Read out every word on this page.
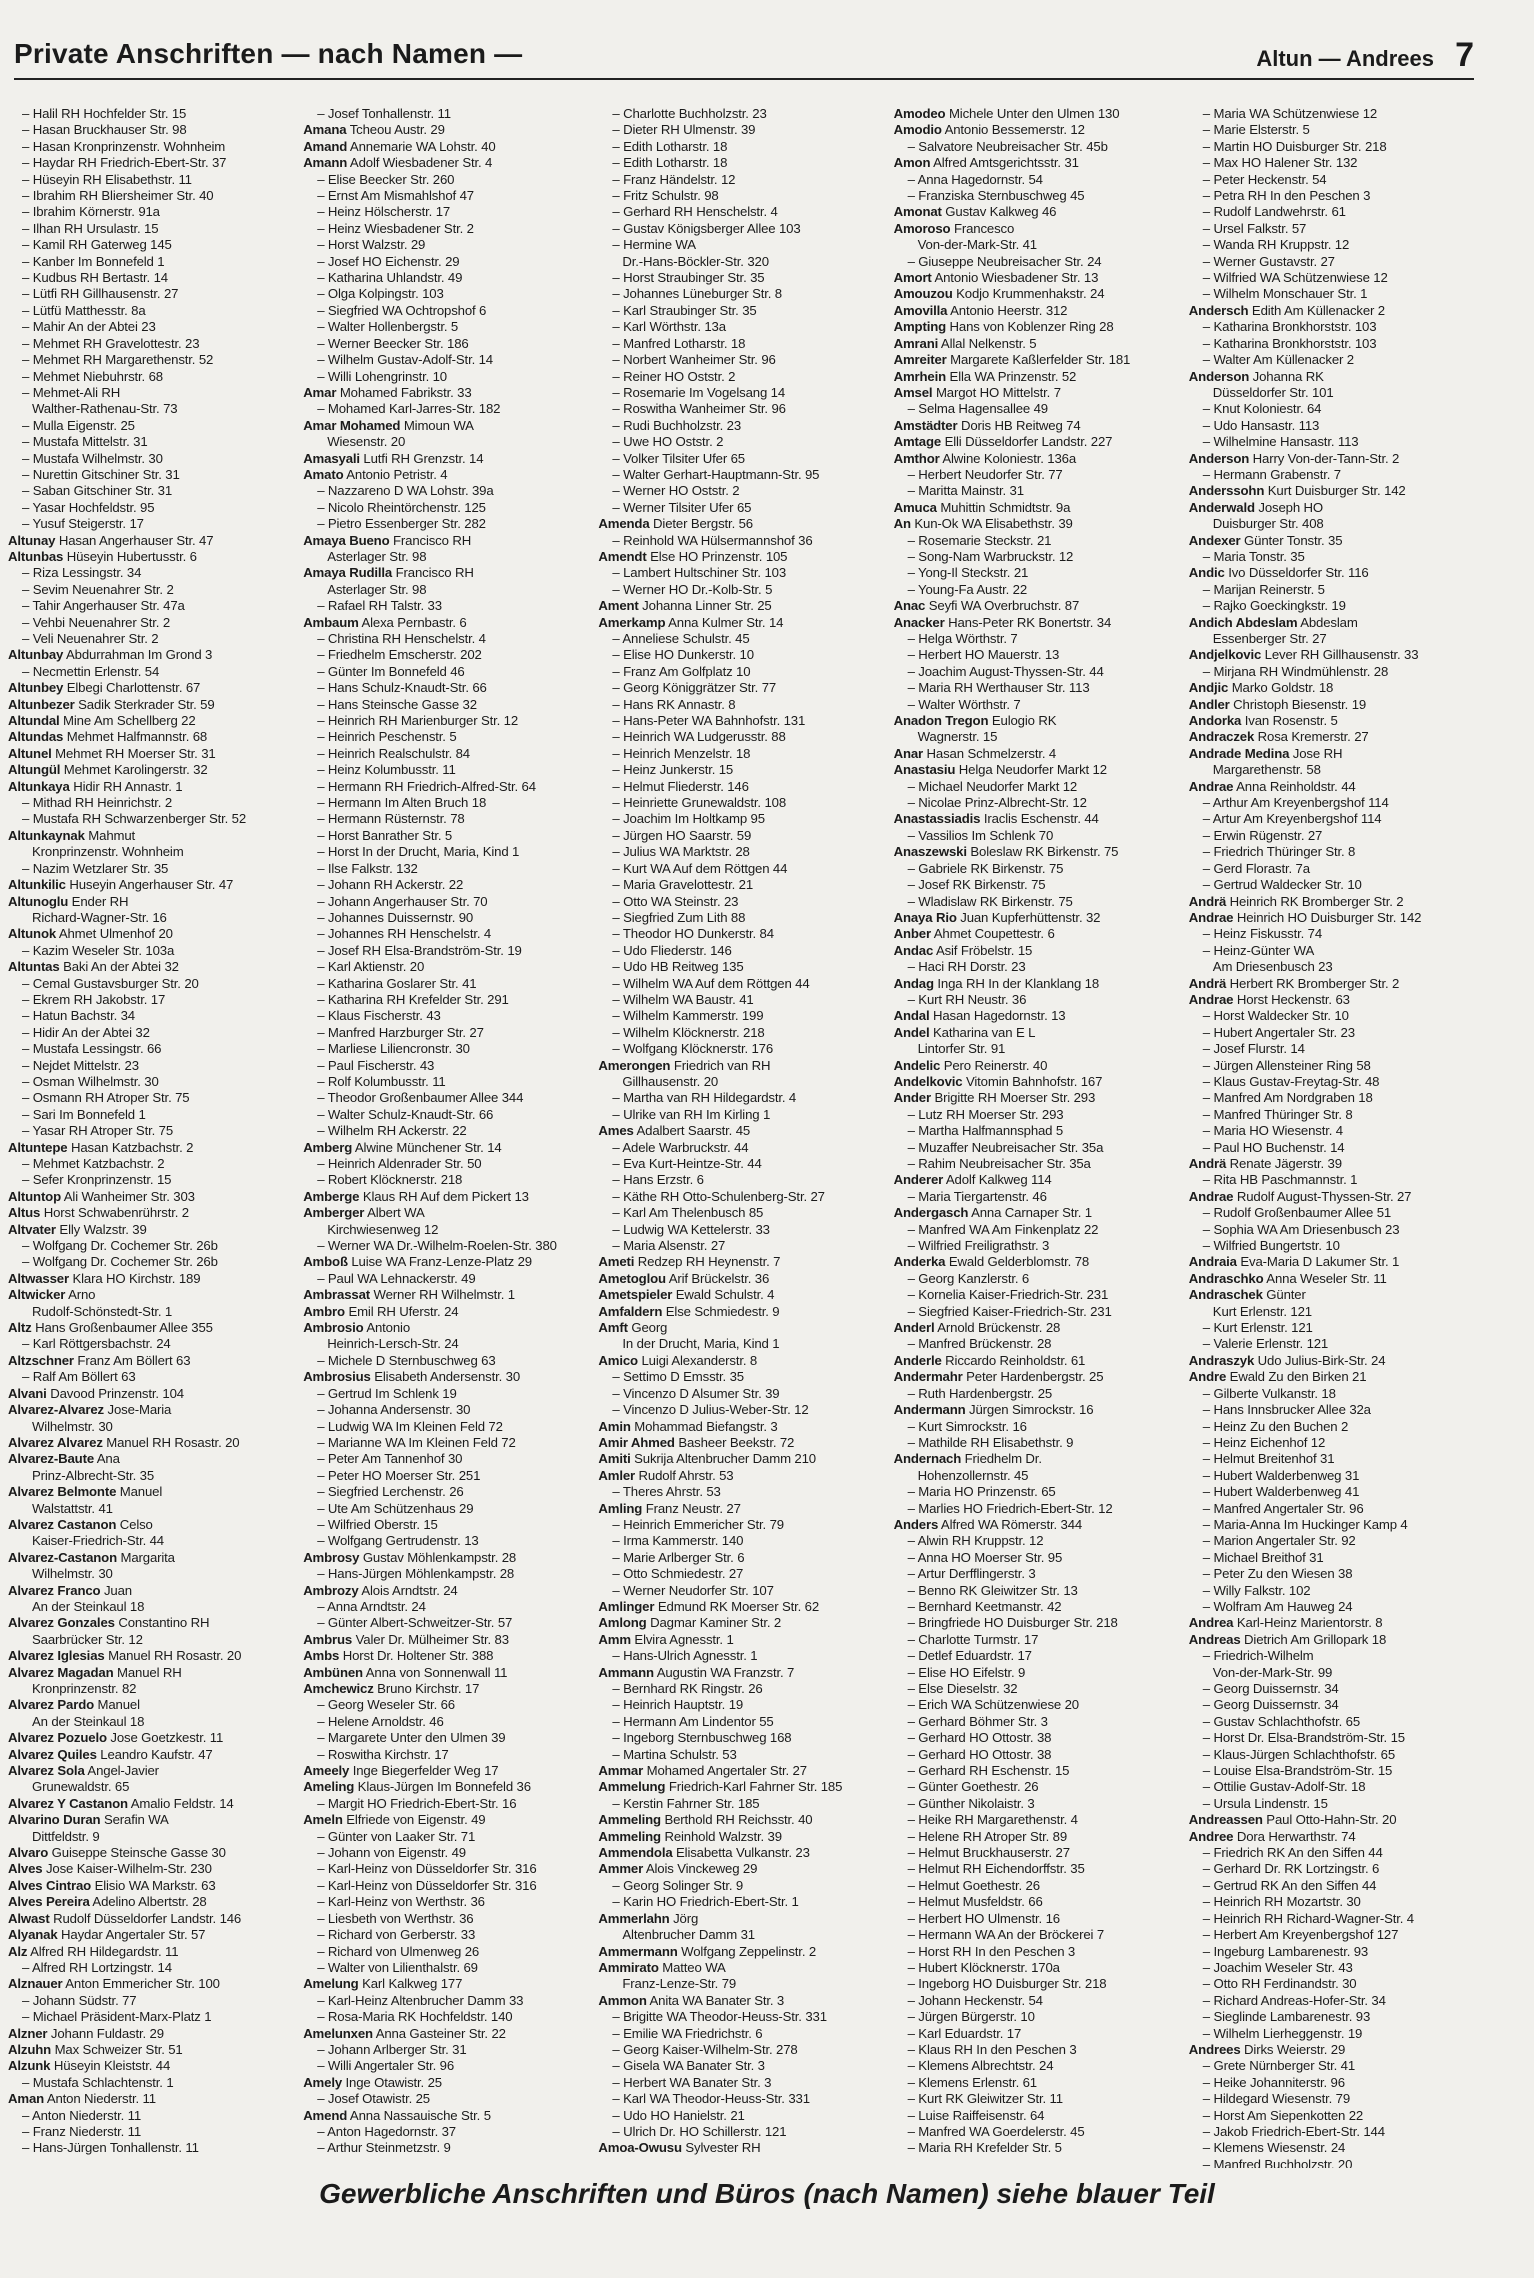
Private Anschriften — nach Namen —	Altun — Andrees 7
– Halil RH Hochfelder Str. 15
– Hasan Bruckhauser Str. 98
– Hasan Kronprinzenstr. Wohnheim
– Haydar RH Friedrich-Ebert-Str. 37
– Hüseyin RH Elisabethstr. 11
– Ibrahim RH Bliersheimer Str. 40
– Ibrahim Körnerstr. 91a
– Ilhan RH Ursulastr. 15
– Kamil RH Gaterweg 145
– Kanber Im Bonnefeld 1
– Kudbus RH Bertastr. 14
– Lütfi RH Gillhausenstr. 27
– Lütfü Matthesstr. 8a
– Mahir An der Abtei 23
– Mehmet RH Gravelottestr. 23
– Mehmet RH Margarethenstr. 52
– Mehmet Niebuhrstr. 68
– Mehmet-Ali RH
Walther-Rathenau-Str. 73
– Mulla Eigenstr. 25
– Mustafa Mittelstr. 31
– Mustafa Wilhelmstr. 30
– Nurettin Gitschiner Str. 31
– Saban Gitschiner Str. 31
– Yasar Hochfeldstr. 95
– Yusuf Steigerstr. 17
Altunay Hasan Angerhauser Str. 47
Altunbas Hüseyin Hubertusstr. 6
– Riza Lessingstr. 34
– Sevim Neuenahrer Str. 2
– Tahir Angerhauser Str. 47a
– Vehbi Neuenahrer Str. 2
– Veli Neuenahrer Str. 2
Altunbay Abdurrahman Im Grond 3
– Necmettin Erlenstr. 54
Altunbey Elbegi Charlottenstr. 67
Altunbezer Sadik Sterkrader Str. 59
Altundal Mine Am Schellberg 22
Altundas Mehmet Halfmannstr. 68
Altunel Mehmet RH Moerser Str. 31
Altungül Mehmet Karolingerstr. 32
Altunkaya Hidir RH Annastr. 1
– Mithad RH Heinrichstr. 2
– Mustafa RH Schwarzenberger Str. 52
Altunkaynak Mahmut
Kronprinzenstr. Wohnheim
– Nazim Wetzlarer Str. 35
Altunkilic Huseyin Angerhauser Str. 47
Altunoglu Ender RH
Richard-Wagner-Str. 16
Altunok Ahmet Ulmenhof 20
– Kazim Weseler Str. 103a
Altuntas Baki An der Abtei 32
– Cemal Gustavsburger Str. 20
– Ekrem RH Jakobstr. 17
– Hatun Bachstr. 34
– Hidir An der Abtei 32
– Mustafa Lessingstr. 66
– Nejdet Mittelstr. 23
– Osman Wilhelmstr. 30
– Osmann RH Atroper Str. 75
– Sari Im Bonnefeld 1
– Yasar RH Atroper Str. 75
Altuntepe Hasan Katzbachstr. 2
– Mehmet Katzbachstr. 2
– Sefer Kronprinzenstr. 15
Altuntop Ali Wanheimer Str. 303
Altus Horst Schwabenrührstr. 2
Altvater Elly Walzstr. 39
– Wolfgang Dr. Cochemer Str. 26b
– Wolfgang Dr. Cochemer Str. 26b
Altwasser Klara HO Kirchstr. 189
Altwicker Arno
Rudolf-Schönstedt-Str. 1
Altz Hans Großenbaumer Allee 355
– Karl Röttgersbachstr. 24
Altzschner Franz Am Böllert 63
– Ralf Am Böllert 63
Alvani Davood Prinzenstr. 104
Alvarez-Alvarez Jose-Maria
Wilhelmstr. 30
Alvarez Alvarez Manuel RH Rosastr. 20
Alvarez-Baute Ana
Prinz-Albrecht-Str. 35
Alvarez Belmonte Manuel
Walstattstr. 41
Alvarez Castanon Celso
Kaiser-Friedrich-Str. 44
Alvarez-Castanon Margarita
Wilhelmstr. 30
Alvarez Franco Juan
An der Steinkaul 18
Alvarez Gonzales Constantino RH
Saarbrücker Str. 12
Alvarez Iglesias Manuel RH Rosastr. 20
Alvarez Magadan Manuel RH
Kronprinzenstr. 82
Alvarez Pardo Manuel
An der Steinkaul 18
Alvarez Pozuelo Jose Goetzkestr. 11
Alvarez Quiles Leandro Kaufstr. 47
Alvarez Sola Angel-Javier
Grunewaldstr. 65
Alvarez Y Castanon Amalio Feldstr. 14
Alvarino Duran Serafin WA
Dittfeldstr. 9
Alvaro Guiseppe Steinsche Gasse 30
Alves Jose Kaiser-Wilhelm-Str. 230
Alves Cintrao Elisio WA Markstr. 63
Alves Pereira Adelino Albertstr. 28
Alwast Rudolf Düsseldorfer Landstr. 146
Alyanak Haydar Angertaler Str. 57
Alz Alfred RH Hildegardstr. 11
– Alfred RH Lortzingstr. 14
Alznauer Anton Emmericher Str. 100
– Johann Südstr. 77
– Michael Präsident-Marx-Platz 1
Alzner Johann Fuldastr. 29
Alzuhn Max Schweizer Str. 51
Alzunk Hüseyin Kleiststr. 44
– Mustafa Schlachtenstr. 1
Aman Anton Niederstr. 11
– Anton Niederstr. 11
– Franz Niederstr. 11
– Hans-Jürgen Tonhallenstr. 11
– Josef Tonhallenstr. 11
Amana Tcheou Austr. 29
Amand Annemarie WA Lohstr. 40
Amann Adolf Wiesbadener Str. 4
– Elise Beecker Str. 260
– Ernst Am Mismahlshof 47
– Heinz Hölscherstr. 17
– Heinz Wiesbadener Str. 2
– Horst Walzstr. 29
– Josef HO Eichenstr. 29
– Katharina Uhlandstr. 49
– Olga Kolpingstr. 103
– Siegfried WA Ochtropshof 6
– Walter Hollenbergstr. 5
– Werner Beecker Str. 186
– Wilhelm Gustav-Adolf-Str. 14
– Willi Lohengrinstr. 10
Amar Mohamed Fabrikstr. 33
– Mohamed Karl-Jarres-Str. 182
Amar Mohamed Mimoun WA
Wiesenstr. 20
Amasyali Lutfi RH Grenzstr. 14
Amato Antonio Petristr. 4
– Nazzareno D WA Lohstr. 39a
– Nicolo Rheintörchenstr. 125
– Pietro Essenberger Str. 282
Amaya Bueno Francisco RH
Asterlager Str. 98
Amaya Rudilla Francisco RH
Asterlager Str. 98
– Rafael RH Talstr. 33
Ambaum Alexa Pernbastr. 6
– Christina RH Henschelstr. 4
– Friedhelm Emscherstr. 202
– Günter Im Bonnefeld 46
– Hans Schulz-Knaudt-Str. 66
– Hans Steinsche Gasse 32
– Heinrich RH Marienburger Str. 12
– Heinrich Peschenstr. 5
– Heinrich Realschulstr. 84
– Heinz Kolumbusstr. 11
– Hermann RH Friedrich-Alfred-Str. 64
– Hermann Im Alten Bruch 18
– Hermann Rüsternstr. 78
– Horst Banrather Str. 5
– Horst In der Drucht, Maria, Kind 1
– Ilse Falkstr. 132
– Johann RH Ackerstr. 22
– Johann Angerhauser Str. 70
– Johannes Duissernstr. 90
– Johannes RH Henschelstr. 4
– Josef RH Elsa-Brandström-Str. 19
– Karl Aktienstr. 20
– Katharina Goslarer Str. 41
– Katharina RH Krefelder Str. 291
– Klaus Fischerstr. 43
– Manfred Harzburger Str. 27
– Marliese Liliencronstr. 30
– Paul Fischerstr. 43
– Rolf Kolumbusstr. 11
– Theodor Großenbaumer Allee 344
– Walter Schulz-Knaudt-Str. 66
– Wilhelm RH Ackerstr. 22
Amberg Alwine Münchener Str. 14
– Heinrich Aldenrader Str. 50
– Robert Klöcknerstr. 218
Amberge Klaus RH Auf dem Pickert 13
Amberger Albert WA
Kirchwiesenweg 12
– Werner WA Dr.-Wilhelm-Roelen-Str. 380
Amboß Luise WA Franz-Lenze-Platz 29
– Paul WA Lehnackerstr. 49
Ambrassat Werner RH Wilhelmstr. 1
Ambro Emil RH Uferstr. 24
Ambrosio Antonio
Heinrich-Lersch-Str. 24
– Michele D Sternbuschweg 63
Ambrosius Elisabeth Andersenstr. 30
– Gertrud Im Schlenk 19
– Johanna Andersenstr. 30
– Ludwig WA Im Kleinen Feld 72
– Marianne WA Im Kleinen Feld 72
– Peter Am Tannenhof 30
– Peter HO Moerser Str. 251
– Siegfried Lerchenstr. 26
– Ute Am Schützenhaus 29
– Wilfried Oberstr. 15
– Wolfgang Gertrudenstr. 13
Ambrosy Gustav Möhlenkampstr. 28
– Hans-Jürgen Möhlenkampstr. 28
Ambrozy Alois Arndtstr. 24
– Anna Arndtstr. 24
– Günter Albert-Schweitzer-Str. 57
Ambrus Valer Dr. Mülheimer Str. 83
Ambs Horst Dr. Holtener Str. 388
Ambünen Anna von Sonnenwall 11
Amchewicz Bruno Kirchstr. 17
– Georg Weseler Str. 66
– Helene Arnoldstr. 46
– Margarete Unter den Ulmen 39
– Roswitha Kirchstr. 17
Ameely Inge Biegerfelder Weg 17
Ameling Klaus-Jürgen Im Bonnefeld 36
– Margit HO Friedrich-Ebert-Str. 16
Ameln Elfriede von Eigenstr. 49
– Günter von Laaker Str. 71
– Johann von Eigenstr. 49
– Karl-Heinz von Düsseldorfer Str. 316
– Karl-Heinz von Düsseldorfer Str. 316
– Karl-Heinz von Werthstr. 36
– Liesbeth von Werthstr. 36
– Richard von Gerberstr. 33
– Richard von Ulmenweg 26
– Walter von Lilienthalstr. 69
Amelung Karl Kalkweg 177
– Karl-Heinz Altenbrucher Damm 33
– Rosa-Maria RK Hochfeldstr. 140
Amelunxen Anna Gasteiner Str. 22
– Johann Arlberger Str. 31
– Willi Angertaler Str. 96
Amely Inge Otawistr. 25
– Josef Otawistr. 25
Amend Anna Nassauische Str. 5
– Anton Hagedornstr. 37
– Arthur Steinmetzstr. 9
– Charlotte Buchholzstr. 23
– Dieter RH Ulmenstr. 39
– Edith Lotharstr. 18
– Edith Lotharstr. 18
– Franz Händelstr. 12
– Fritz Schulstr. 98
– Gerhard RH Henschelstr. 4
– Gustav Königsberger Allee 103
– Hermine WA
Dr.-Hans-Böckler-Str. 320
– Horst Straubinger Str. 35
– Johannes Lüneburger Str. 8
– Karl Straubinger Str. 35
– Karl Wörthstr. 13a
– Manfred Lotharstr. 18
– Norbert Wanheimer Str. 96
– Reiner HO Oststr. 2
– Rosemarie Im Vogelsang 14
– Roswitha Wanheimer Str. 96
– Rudi Buchholzstr. 23
– Uwe HO Oststr. 2
– Volker Tilsiter Ufer 65
– Walter Gerhart-Hauptmann-Str. 95
– Werner HO Oststr. 2
– Werner Tilsiter Ufer 65
Amenda Dieter Bergstr. 56
– Reinhold WA Hülsermannshof 36
Amendt Else HO Prinzenstr. 105
– Lambert Hultschiner Str. 103
– Werner HO Dr.-Kolb-Str. 5
Ament Johanna Linner Str. 25
Amerkamp Anna Kulmer Str. 14
– Anneliese Schulstr. 45
– Elise HO Dunkerstr. 10
– Franz Am Golfplatz 10
– Georg Königgrätzer Str. 77
– Hans RK Annastr. 8
– Hans-Peter WA Bahnhofstr. 131
– Heinrich WA Ludgerusstr. 88
– Heinrich Menzelstr. 18
– Heinz Junkerstr. 15
– Helmut Fliederstr. 146
– Heinriette Grunewaldstr. 108
– Joachim Im Holtkamp 95
– Jürgen HO Saarstr. 59
– Julius WA Marktstr. 28
– Kurt WA Auf dem Röttgen 44
– Maria Gravelottestr. 21
– Otto WA Steinstr. 23
– Siegfried Zum Lith 88
– Theodor HO Dunkerstr. 84
– Udo Fliederstr. 146
– Udo HB Reitweg 135
– Wilhelm WA Auf dem Röttgen 44
– Wilhelm WA Baustr. 41
– Wilhelm Kammerstr. 199
– Wilhelm Klöcknerstr. 218
– Wolfgang Klöcknerstr. 176
Amerongen Friedrich van RH
Gillhausenstr. 20
– Martha van RH Hildegardstr. 4
– Ulrike van RH Im Kirling 1
Ames Adalbert Saarstr. 45
– Adele Warbruckstr. 44
– Eva Kurt-Heintze-Str. 44
– Hans Erzstr. 6
– Käthe RH Otto-Schulenberg-Str. 27
– Karl Am Thelenbusch 85
– Ludwig WA Kettelerstr. 33
– Maria Alsenstr. 27
Ameti Redzep RH Heynenstr. 7
Ametoglou Arif Brückelstr. 36
Ametspieler Ewald Schulstr. 4
Amfaldern Else Schmiedestr. 9
Amft Georg
In der Drucht, Maria, Kind 1
Amico Luigi Alexanderstr. 8
– Settimo D Emsstr. 35
– Vincenzo D Alsumer Str. 39
– Vincenzo D Julius-Weber-Str. 12
Amin Mohammad Biefangstr. 3
Amir Ahmed Basheer Beekstr. 72
Amiti Sukrija Altenbrucher Damm 210
Amler Rudolf Ahrstr. 53
– Theres Ahrstr. 53
Amling Franz Neustr. 27
– Heinrich Emmericher Str. 79
– Irma Kammerstr. 140
– Marie Arlberger Str. 6
– Otto Schmiedestr. 27
– Werner Neudorfer Str. 107
Amlinger Edmund RK Moerser Str. 62
Amlong Dagmar Kaminer Str. 2
Amm Elvira Agnesstr. 1
– Hans-Ulrich Agnesstr. 1
Ammann Augustin WA Franzstr. 7
– Bernhard RK Ringstr. 26
– Heinrich Hauptstr. 19
– Hermann Am Lindentor 55
– Ingeborg Sternbuschweg 168
– Martina Schulstr. 53
Ammar Mohamed Angertaler Str. 27
Ammelung Friedrich-Karl Fahrner Str. 185
– Kerstin Fahrner Str. 185
Ammeling Berthold RH Reichsstr. 40
Ammeling Reinhold Walzstr. 39
Ammendola Elisabetta Vulkanstr. 23
Ammer Alois Vinckeweg 29
– Georg Solinger Str. 9
– Karin HO Friedrich-Ebert-Str. 1
Ammerlahn Jörg
Altenbrucher Damm 31
Ammermann Wolfgang Zeppelinstr. 2
Ammirato Matteo WA
Franz-Lenze-Str. 79
Ammon Anita WA Banater Str. 3
– Brigitte WA Theodor-Heuss-Str. 331
– Emilie WA Friedrichstr. 6
– Georg Kaiser-Wilhelm-Str. 278
– Gisela WA Banater Str. 3
– Herbert WA Banater Str. 3
– Karl WA Theodor-Heuss-Str. 331
– Udo HO Hanielstr. 21
– Ulrich Dr. HO Schillerstr. 121
Amoa-Owusu Sylvester RH
Amodeo Michele Unter den Ulmen 130
Amodio Antonio Bessemerstr. 12
– Salvatore Neubreisacher Str. 45b
Amon Alfred Amtsgerichtsstr. 31
– Anna Hagedornstr. 54
– Franziska Sternbuschweg 45
Amonat Gustav Kalkweg 46
Amoroso Francesco
Von-der-Mark-Str. 41
– Giuseppe Neubreisacher Str. 24
Amort Antonio Wiesbadener Str. 13
Amouzou Kodjo Krummenhakstr. 24
Amovilla Antonio Heerstr. 312
Ampting Hans von Koblenzer Ring 28
Amrani Allal Nelkenstr. 5
Amreiter Margarete Kaßlerfelder Str. 181
Amrhein Ella WA Prinzenstr. 52
Amsel Margot HO Mittelstr. 7
– Selma Hagensallee 49
Amstädter Doris HB Reitweg 74
Amtage Elli Düsseldorfer Landstr. 227
Amthor Alwine Koloniestr. 136a
– Herbert Neudorfer Str. 77
– Maritta Mainstr. 31
Amuca Muhittin Schmidtstr. 9a
An Kun-Ok WA Elisabethstr. 39
– Rosemarie Steckstr. 21
– Song-Nam Warbruckstr. 12
– Yong-Il Steckstr. 21
– Young-Fa Austr. 22
Anac Seyfi WA Overbruchstr. 87
Anacker Hans-Peter RK Bonertstr. 34
– Helga Wörthstr. 7
– Herbert HO Mauerstr. 13
– Joachim August-Thyssen-Str. 44
– Maria RH Werthauser Str. 113
– Walter Wörthstr. 7
Anadon Tregon Eulogio RK
Wagnerstr. 15
Anar Hasan Schmelzerstr. 4
Anastasiu Helga Neudorfer Markt 12
– Michael Neudorfer Markt 12
– Nicolae Prinz-Albrecht-Str. 12
Anastassiadis Iraclis Eschenstr. 44
– Vassilios Im Schlenk 70
Anaszewski Boleslaw RK Birkenstr. 75
– Gabriele RK Birkenstr. 75
– Josef RK Birkenstr. 75
– Wladislaw RK Birkenstr. 75
Anaya Rio Juan Kupferhüttenstr. 32
Anber Ahmet Coupettestr. 6
Andac Asif Fröbelstr. 15
– Haci RH Dorstr. 23
Andag Inga RH In der Klanklang 18
– Kurt RH Neustr. 36
Andal Hasan Hagedornstr. 13
Andel Katharina van E L
Lintorfer Str. 91
Andelic Pero Reinerstr. 40
Andelkovic Vitomin Bahnhofstr. 167
Ander Brigitte RH Moerser Str. 293
– Lutz RH Moerser Str. 293
– Martha Halfmannsphad 5
– Muzaffer Neubreisacher Str. 35a
– Rahim Neubreisacher Str. 35a
Anderer Adolf Kalkweg 114
– Maria Tiergartenstr. 46
Andergasch Anna Carnaper Str. 1
– Manfred WA Am Finkenplatz 22
– Wilfried Freiligrathstr. 3
Anderka Ewald Gelderblomstr. 78
– Georg Kanzlerstr. 6
– Kornelia Kaiser-Friedrich-Str. 231
– Siegfried Kaiser-Friedrich-Str. 231
Anderl Arnold Brückenstr. 28
– Manfred Brückenstr. 28
Anderle Riccardo Reinholdstr. 61
Andermahr Peter Hardenbergstr. 25
– Ruth Hardenbergstr. 25
Andermann Jürgen Simrockstr. 16
– Kurt Simrockstr. 16
– Mathilde RH Elisabethstr. 9
Andernach Friedhelm Dr.
Hohenzollernstr. 45
– Maria HO Prinzenstr. 65
– Marlies HO Friedrich-Ebert-Str. 12
Anders Alfred WA Römerstr. 344
– Alwin RH Kruppstr. 12
– Anna HO Moerser Str. 95
– Artur Derfflingerstr. 3
– Benno RK Gleiwitzer Str. 13
– Bernhard Keetmanstr. 42
– Bringfriede HO Duisburger Str. 218
– Charlotte Turmstr. 17
– Detlef Eduardstr. 17
– Elise HO Eifelstr. 9
– Else Dieselstr. 32
– Erich WA Schützenwiese 20
– Gerhard Böhmer Str. 3
– Gerhard HO Ottostr. 38
– Gerhard HO Ottostr. 38
– Gerhard RH Eschenstr. 15
– Günter Goethestr. 26
– Günther Nikolaistr. 3
– Heike RH Margarethenstr. 4
– Helene RH Atroper Str. 89
– Helmut Bruckhauserstr. 27
– Helmut RH Eichendorffstr. 35
– Helmut Goethestr. 26
– Helmut Musfeldstr. 66
– Herbert HO Ulmenstr. 16
– Hermann WA An der Bröckerei 7
– Horst RH In den Peschen 3
– Hubert Klöcknerstr. 170a
– Ingeborg HO Duisburger Str. 218
– Johann Heckenstr. 54
– Jürgen Bürgerstr. 10
– Karl Eduardstr. 17
– Klaus RH In den Peschen 3
– Klemens Albrechtstr. 24
– Klemens Erlenstr. 61
– Kurt RK Gleiwitzer Str. 11
– Luise Raiffeisenstr. 64
– Manfred WA Goerdelerstr. 45
– Maria RH Krefelder Str. 5
– Maria WA Schützenwiese 12
– Marie Elsterstr. 5
– Martin HO Duisburger Str. 218
– Max HO Halener Str. 132
– Peter Heckenstr. 54
– Petra RH In den Peschen 3
– Rudolf Landwehrstr. 61
– Ursel Falkstr. 57
– Wanda RH Kruppstr. 12
– Werner Gustavstr. 27
– Wilfried WA Schützenwiese 12
– Wilhelm Monschauer Str. 1
Andersch Edith Am Küllenacker 2
– Katharina Bronkhorststr. 103
– Katharina Bronkhorststr. 103
– Walter Am Küllenacker 2
Anderson Johanna RK
Düsseldorfer Str. 101
– Knut Koloniestr. 64
– Udo Hansastr. 113
– Wilhelmine Hansastr. 113
Anderson Harry Von-der-Tann-Str. 2
– Hermann Grabenstr. 7
Anderssohn Kurt Duisburger Str. 142
Anderwald Joseph HO
Duisburger Str. 408
Andexer Günter Tonstr. 35
– Maria Tonstr. 35
Andic Ivo Düsseldorfer Str. 116
– Marijan Reinerstr. 5
– Rajko Goeckingkstr. 19
Andich Abdeslam Abdeslam
Essenberger Str. 27
Andjelkovic Lever RH Gillhausenstr. 33
– Mirjana RH Windmühlenstr. 28
Andjic Marko Goldstr. 18
Andler Christoph Biesenstr. 19
Andorka Ivan Rosenstr. 5
Andraczek Rosa Kremerstr. 27
Andrade Medina Jose RH
Margarethenstr. 58
Andrae Anna Reinholdstr. 44
– Arthur Am Kreyenbergshof 114
– Artur Am Kreyenbergshof 114
– Erwin Rügenstr. 27
– Friedrich Thüringer Str. 8
– Gerd Florastr. 7a
– Gertrud Waldecker Str. 10
Andrä Heinrich RK Bromberger Str. 2
Andrae Heinrich HO Duisburger Str. 142
– Heinz Fiskusstr. 74
– Heinz-Günter WA
Am Driesenbusch 23
Andrä Herbert RK Bromberger Str. 2
Andrae Horst Heckenstr. 63
– Horst Waldecker Str. 10
– Hubert Angertaler Str. 23
– Josef Flurstr. 14
– Jürgen Allensteiner Ring 58
– Klaus Gustav-Freytag-Str. 48
– Manfred Am Nordgraben 18
– Manfred Thüringer Str. 8
– Maria HO Wiesenstr. 4
– Paul HO Buchenstr. 14
Andrä Renate Jägerstr. 39
– Rita HB Paschmannstr. 1
Andrae Rudolf August-Thyssen-Str. 27
– Rudolf Großenbaumer Allee 51
– Sophia WA Am Driesenbusch 23
– Wilfried Bungertstr. 10
Andraia Eva-Maria D Lakumer Str. 1
Andraschko Anna Weseler Str. 11
Andraschek Günter
Kurt Erlenstr. 121
– Kurt Erlenstr. 121
– Valerie Erlenstr. 121
Andraszyk Udo Julius-Birk-Str. 24
Andre Ewald Zu den Birken 21
– Gilberte Vulkanstr. 18
– Hans Innsbrucker Allee 32a
– Heinz Zu den Buchen 2
– Heinz Eichenhof 12
– Helmut Breitenhof 31
– Hubert Walderbenweg 31
– Hubert Walderbenweg 41
– Manfred Angertaler Str. 96
– Maria-Anna Im Huckinger Kamp 4
– Marion Angertaler Str. 92
– Michael Breithof 31
– Peter Zu den Wiesen 38
– Willy Falkstr. 102
– Wolfram Am Hauweg 24
Andrea Karl-Heinz Marientorstr. 8
Andreas Dietrich Am Grillopark 18
– Friedrich-Wilhelm
Von-der-Mark-Str. 99
– Georg Duissernstr. 34
– Georg Duissernstr. 34
– Gustav Schlachthofstr. 65
– Horst Dr. Elsa-Brandström-Str. 15
– Klaus-Jürgen Schlachthofstr. 65
– Louise Elsa-Brandström-Str. 15
– Ottilie Gustav-Adolf-Str. 18
– Ursula Lindenstr. 15
Andreassen Paul Otto-Hahn-Str. 20
Andree Dora Herwarthstr. 74
– Friedrich RK An den Siffen 44
– Gerhard Dr. RK Lortzingstr. 6
– Gertrud RK An den Siffen 44
– Heinrich RH Mozartstr. 30
– Heinrich RH Richard-Wagner-Str. 4
– Herbert Am Kreyenbergshof 127
– Ingeburg Lambarenestr. 93
– Joachim Weseler Str. 43
– Otto RH Ferdinandstr. 30
– Richard Andreas-Hofer-Str. 34
– Sieglinde Lambarenestr. 93
– Wilhelm Lierheggenstr. 19
Andrees Dirks Weierstr. 29
– Grete Nürnberger Str. 41
– Heike Johanniterstr. 96
– Hildegard Wiesenstr. 79
– Horst Am Siepenkotten 22
– Jakob Friedrich-Ebert-Str. 144
– Klemens Wiesenstr. 24
– Manfred Buchholzstr. 20
Gewerbliche Anschriften und Büros (nach Namen) siehe blauer Teil
